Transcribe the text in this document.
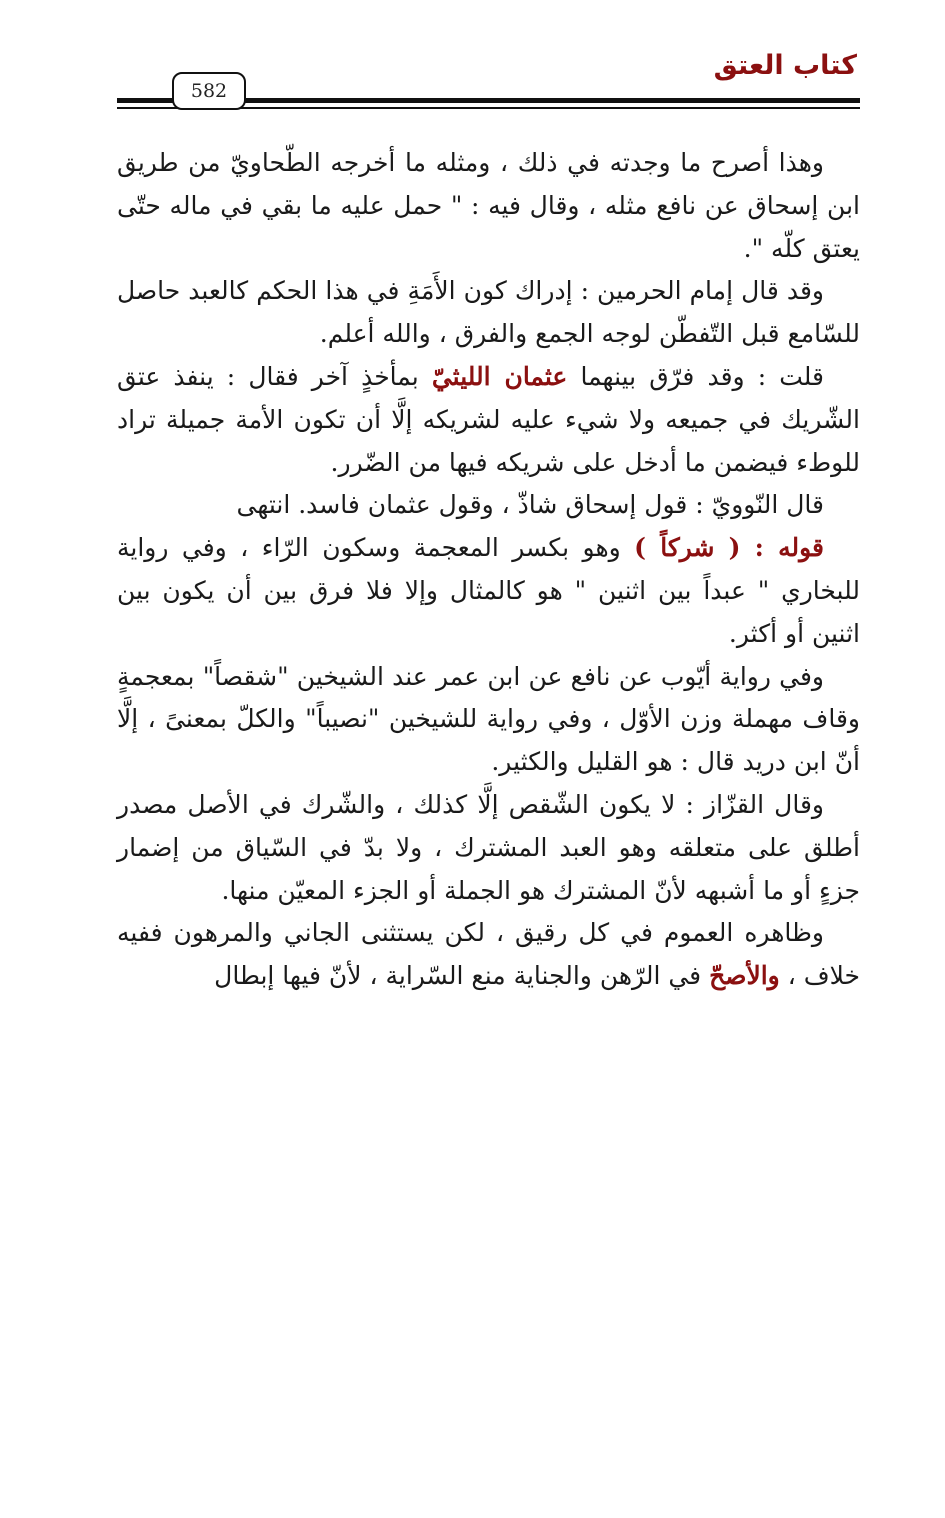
كتاب العتق
582

وهذا أصرح ما وجدته في ذلك ، ومثله ما أخرجه الطّحاويّ من طريق ابن إسحاق عن نافع مثله ، وقال فيه : " حمل عليه ما بقي في ماله حتّى يعتق كلّه ".

وقد قال إمام الحرمين : إدراك كون الأَمَةِ في هذا الحكم كالعبد حاصل للسّامع قبل التّفطّن لوجه الجمع والفرق ، والله أعلم.

قلت : وقد فرّق بينهما عثمان الليثيّ بمأخذٍ آخر فقال : ينفذ عتق الشّريك في جميعه ولا شيء عليه لشريكه إلَّا أن تكون الأمة جميلة تراد للوطء فيضمن ما أدخل على شريكه فيها من الضّرر.

قال النّوويّ : قول إسحاق شاذّ ، وقول عثمان فاسد. انتهى

قوله : ( شركاً ) وهو بكسر المعجمة وسكون الرّاء ، وفي رواية للبخاري " عبداً بين اثنين " هو كالمثال وإلا فلا فرق بين أن يكون بين اثنين أو أكثر.

وفي رواية أيّوب عن نافع عن ابن عمر عند الشيخين "شقصاً" بمعجمةٍ وقاف مهملة وزن الأوّل ، وفي رواية للشيخين "نصيباً" والكلّ بمعنىً ، إلَّا أنّ ابن دريد قال : هو القليل والكثير.

وقال القزّاز : لا يكون الشّقص إلَّا كذلك ، والشّرك في الأصل مصدر أطلق على متعلقه وهو العبد المشترك ، ولا بدّ في السّياق من إضمار جزءٍ أو ما أشبهه لأنّ المشترك هو الجملة أو الجزء المعيّن منها.

وظاهره العموم في كل رقيق ، لكن يستثنى الجاني والمرهون ففيه خلاف ، والأصحّ في الرّهن والجناية منع السّراية ، لأنّ فيها إبطال
